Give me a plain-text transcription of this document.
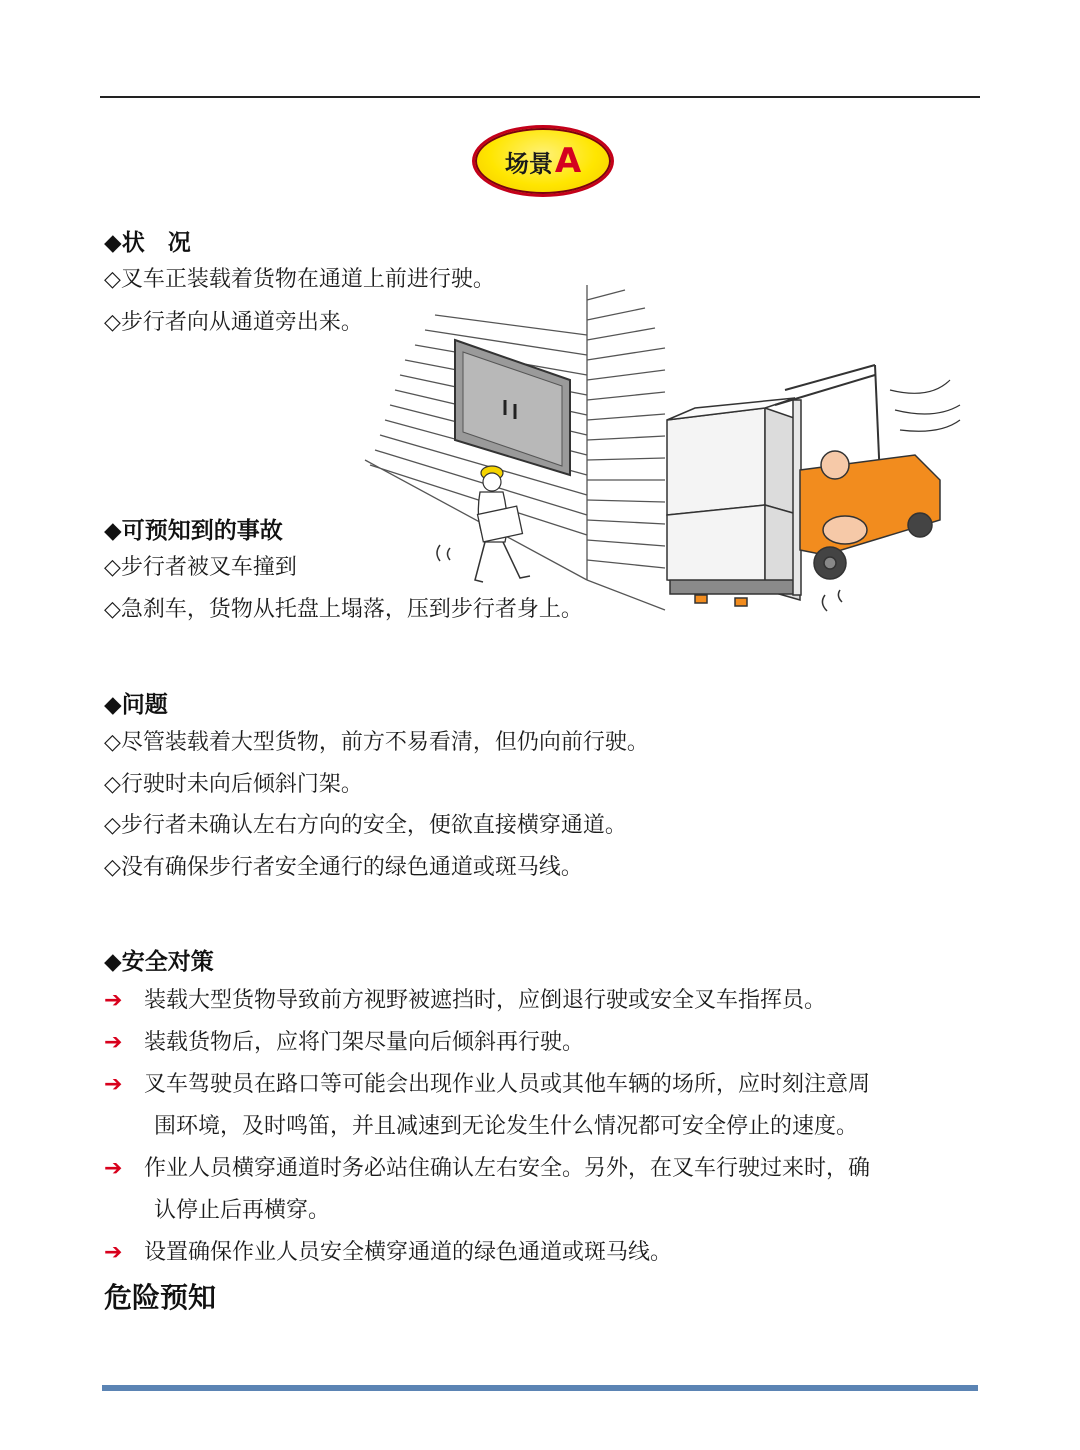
场景 A

◆状　况

◇叉车正装载着货物在通道上前进行驶。

◇步行者向从通道旁出来。

◆可预知到的事故

◇步行者被叉车撞到

◇急刹车，货物从托盘上塌落，压到步行者身上。

◆问题

◇尽管装载着大型货物，前方不易看清，但仍向前行驶。

◇行驶时未向后倾斜门架。

◇步行者未确认左右方向的安全，便欲直接横穿通道。

◇没有确保步行者安全通行的绿色通道或斑马线。

◆安全对策

➔ 装载大型货物导致前方视野被遮挡时，应倒退行驶或安全叉车指挥员。
➔ 装载货物后，应将门架尽量向后倾斜再行驶。
➔ 叉车驾驶员在路口等可能会出现作业人员或其他车辆的场所，应时刻注意周
围环境，及时鸣笛，并且减速到无论发生什么情况都可安全停止的速度。
➔ 作业人员横穿通道时务必站住确认左右安全。另外，在叉车行驶过来时，确
认停止后再横穿。
➔ 设置确保作业人员安全横穿通道的绿色通道或斑马线。

危险预知
